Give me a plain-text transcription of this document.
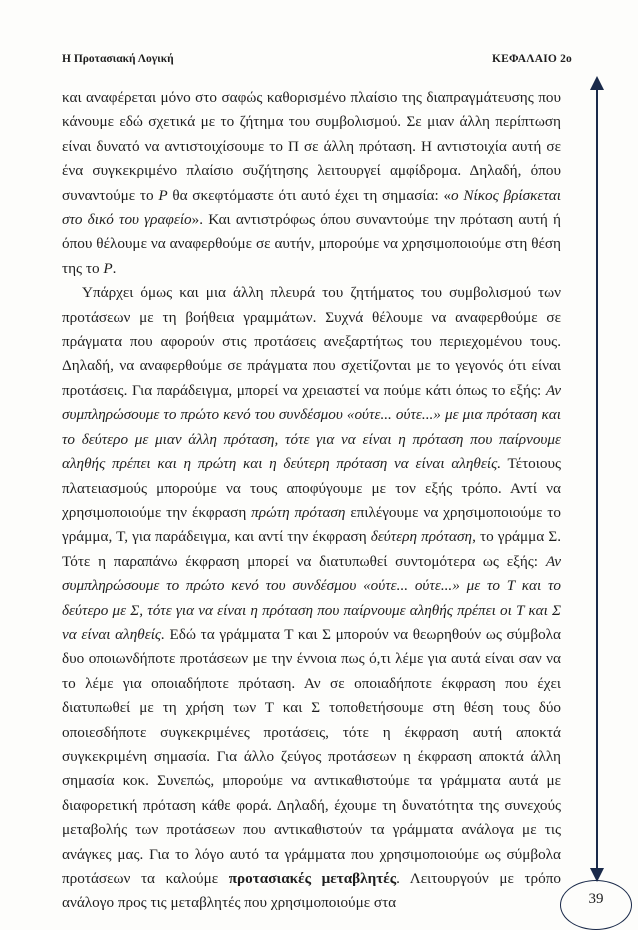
Η Προτασιακή Λογική	ΚΕΦΑΛΑΙΟ 2ο

και αναφέρεται μόνο στο σαφώς καθορισμένο πλαίσιο της διαπραγμάτευσης που κάνουμε εδώ σχετικά με το ζήτημα του συμβολισμού. Σε μιαν άλλη περίπτωση είναι δυνατό να αντιστοιχίσουμε το Π σε άλλη πρόταση. Η αντιστοιχία αυτή σε ένα συγκεκριμένο πλαίσιο συζήτησης λειτουργεί αμφίδρομα. Δηλαδή, όπου συναντούμε το P θα σκεφτόμαστε ότι αυτό έχει τη σημασία: «ο Νίκος βρίσκεται στο δικό του γραφείο». Και αντιστρόφως όπου συναντούμε την πρόταση αυτή ή όπου θέλουμε να αναφερθούμε σε αυτήν, μπορούμε να χρησιμοποιούμε στη θέση της το P.

Υπάρχει όμως και μια άλλη πλευρά του ζητήματος του συμβολισμού των προτάσεων με τη βοήθεια γραμμάτων. Συχνά θέλουμε να αναφερθούμε σε πράγματα που αφορούν στις προτάσεις ανεξαρτήτως του περιεχομένου τους. Δηλαδή, να αναφερθούμε σε πράγματα που σχετίζονται με το γεγονός ότι είναι προτάσεις. Για παράδειγμα, μπορεί να χρειαστεί να πούμε κάτι όπως το εξής: Αν συμπληρώσουμε το πρώτο κενό του συνδέσμου «ούτε... ούτε...» με μια πρόταση και το δεύτερο με μιαν άλλη πρόταση, τότε για να είναι η πρόταση που παίρνουμε αληθής πρέπει και η πρώτη και η δεύτερη πρόταση να είναι αληθείς. Τέτοιους πλατειασμούς μπορούμε να τους αποφύγουμε με τον εξής τρόπο. Αντί να χρησιμοποιούμε την έκφραση πρώτη πρόταση επιλέγουμε να χρησιμοποιούμε το γράμμα, Τ, για παράδειγμα, και αντί την έκφραση δεύτερη πρόταση, το γράμμα Σ. Τότε η παραπάνω έκφραση μπορεί να διατυπωθεί συντομότερα ως εξής: Αν συμπληρώσουμε το πρώτο κενό του συνδέσμου «ούτε... ούτε...» με το Τ και το δεύτερο με Σ, τότε για να είναι η πρόταση που παίρνουμε αληθής πρέπει οι Τ και Σ να είναι αληθείς. Εδώ τα γράμματα Τ και Σ μπορούν να θεωρηθούν ως σύμβολα δυο οποιωνδήποτε προτάσεων με την έννοια πως ό,τι λέμε για αυτά είναι σαν να το λέμε για οποιαδήποτε πρόταση. Αν σε οποιαδήποτε έκφραση που έχει διατυπωθεί με τη χρήση των Τ και Σ τοποθετήσουμε στη θέση τους δύο οποιεσδήποτε συγκεκριμένες προτάσεις, τότε η έκφραση αυτή αποκτά συγκεκριμένη σημασία. Για άλλο ζεύγος προτάσεων η έκφραση αποκτά άλλη σημασία κοκ. Συνεπώς, μπορούμε να αντικαθιστούμε τα γράμματα αυτά με διαφορετική πρόταση κάθε φορά. Δηλαδή, έχουμε τη δυνατότητα της συνεχούς μεταβολής των προτάσεων που αντικαθιστούν τα γράμματα ανάλογα με τις ανάγκες μας. Για το λόγο αυτό τα γράμματα που χρησιμοποιούμε ως σύμβολα προτάσεων τα καλούμε προτασιακές μεταβλητές. Λειτουργούν με τρόπο ανάλογο προς τις μεταβλητές που χρησιμοποιούμε στα	39
